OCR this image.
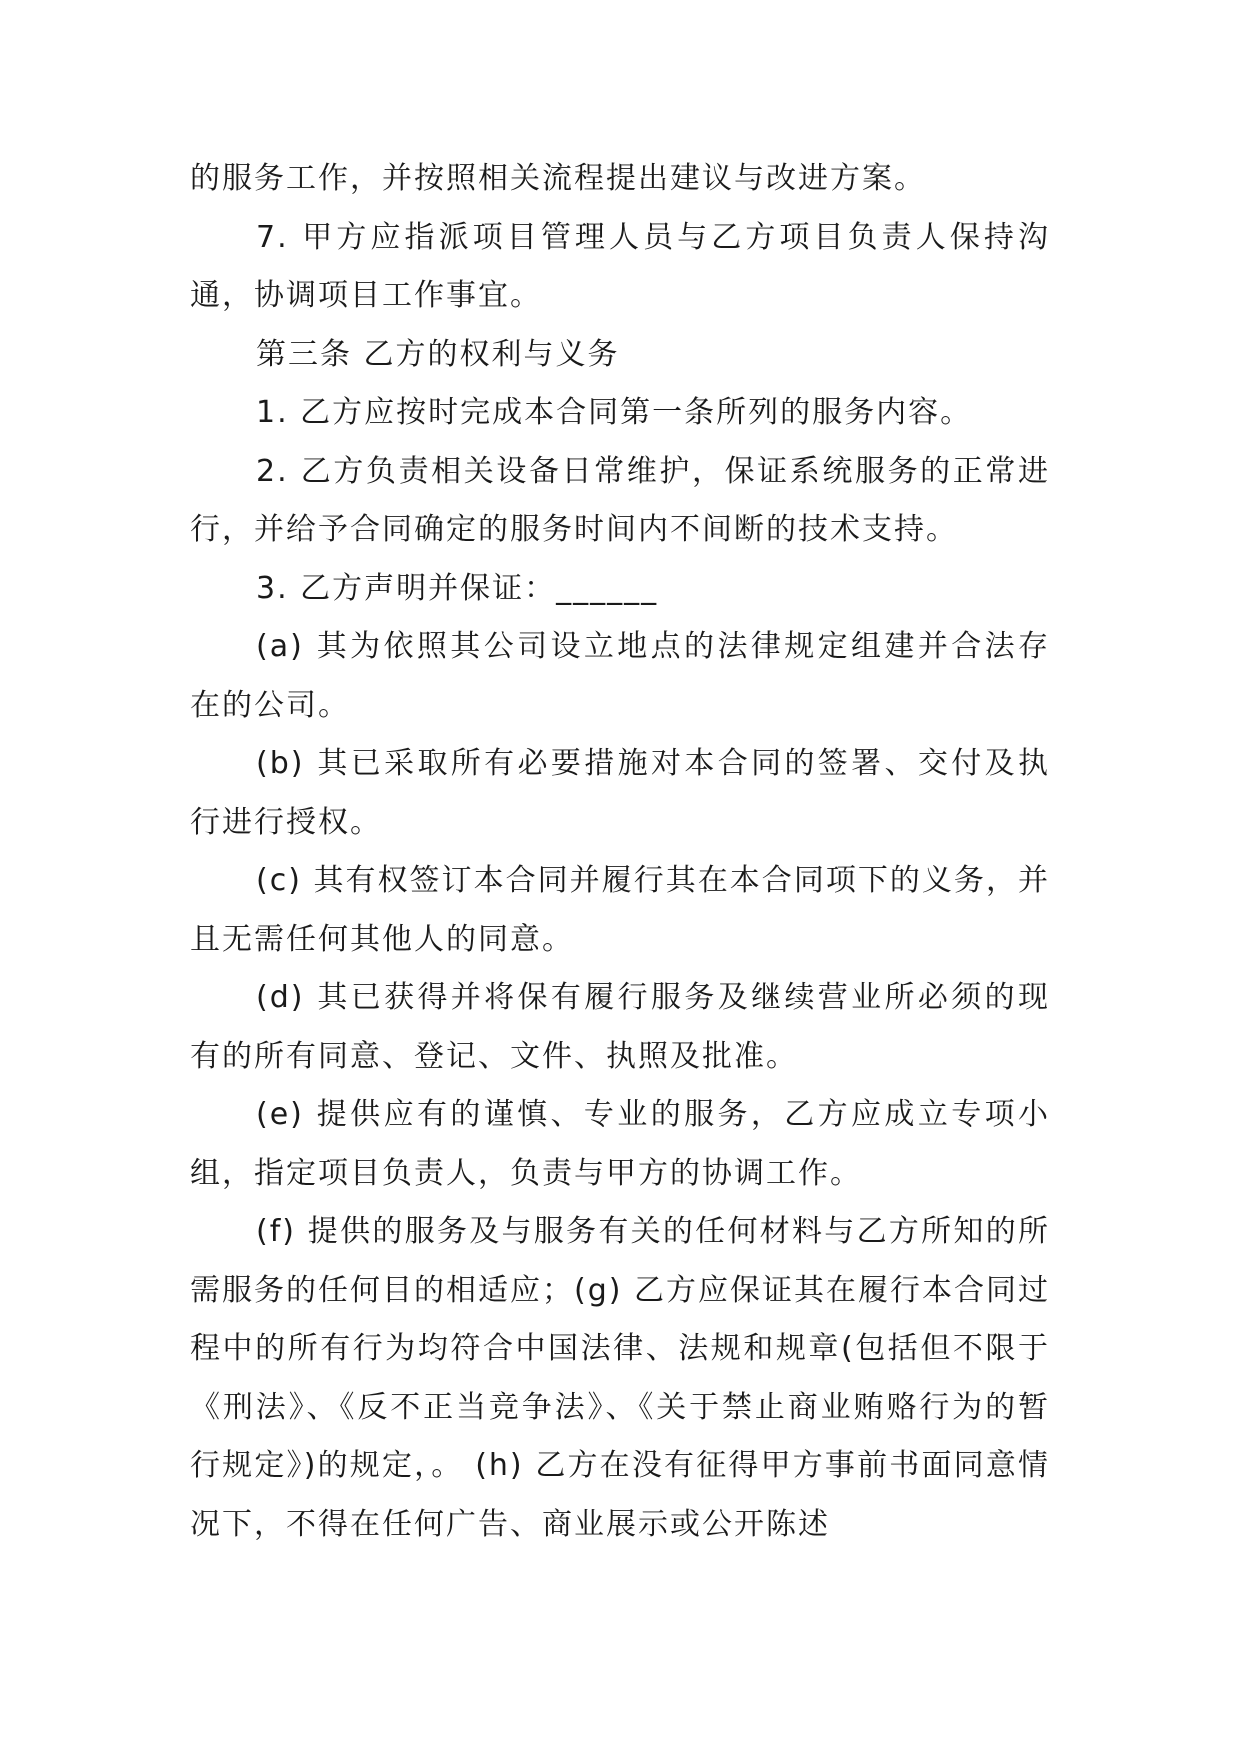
的服务工作，并按照相关流程提出建议与改进方案。

7. 甲方应指派项目管理人员与乙方项目负责人保持沟通，协调项目工作事宜。

第三条 乙方的权利与义务

1. 乙方应按时完成本合同第一条所列的服务内容。

2. 乙方负责相关设备日常维护，保证系统服务的正常进行，并给予合同确定的服务时间内不间断的技术支持。

3. 乙方声明并保证：______

(a) 其为依照其公司设立地点的法律规定组建并合法存在的公司。

(b) 其已采取所有必要措施对本合同的签署、交付及执行进行授权。

(c) 其有权签订本合同并履行其在本合同项下的义务，并且无需任何其他人的同意。

(d) 其已获得并将保有履行服务及继续营业所必须的现有的所有同意、登记、文件、执照及批准。

(e) 提供应有的谨慎、专业的服务，乙方应成立专项小组，指定项目负责人，负责与甲方的协调工作。

(f) 提供的服务及与服务有关的任何材料与乙方所知的所需服务的任何目的相适应；(g) 乙方应保证其在履行本合同过程中的所有行为均符合中国法律、法规和规章(包括但不限于《刑法》、《反不正当竞争法》、《关于禁止商业贿赂行为的暂行规定》)的规定，。 (h) 乙方在没有征得甲方事前书面同意情况下，不得在任何广告、商业展示或公开陈述
